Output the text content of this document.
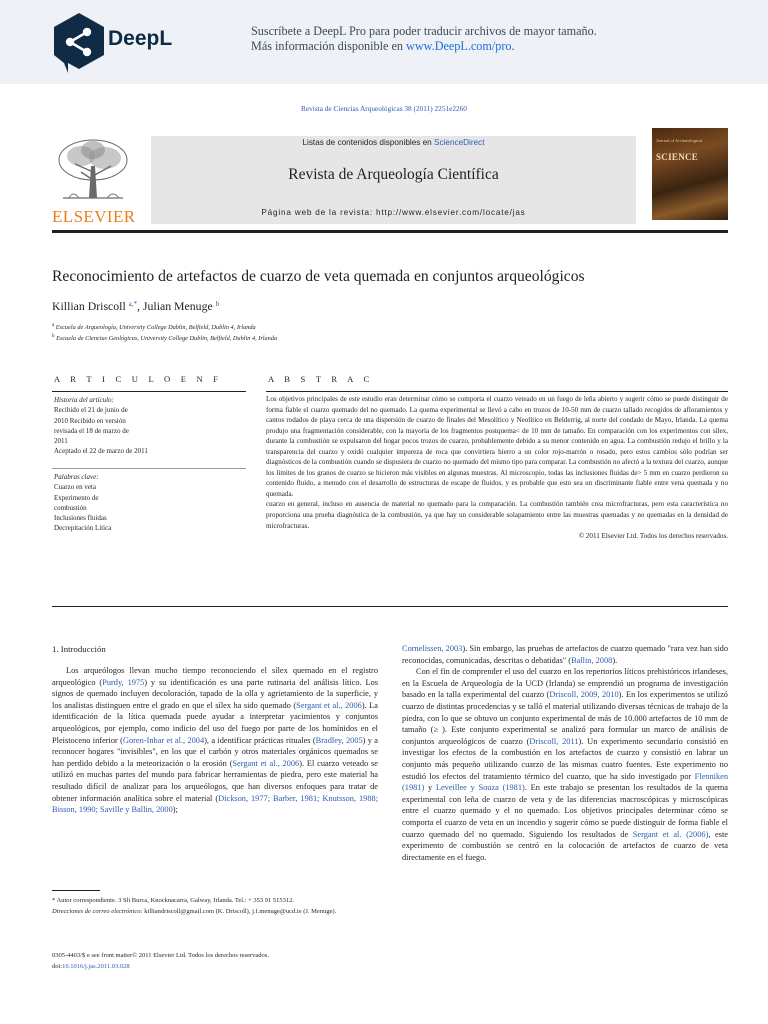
DeepL	Suscríbete a DeepL Pro para poder traducir archivos de mayor tamaño.
Más información disponible en www.DeepL.com/pro.
Revista de Ciencias Arqueológicas 38 (2011) 2251e2260
ELSEVIER
Listas de contenidos disponibles en ScienceDirect
Revista de Arqueología Científica
Página web de la revista: http://www.elsevier.com/locate/jas
Journal of Archaeological
SCIENCE
Reconocimiento de artefactos de cuarzo de veta quemada en conjuntos arqueológicos
Killian Driscoll $^{a,*}$, Julian Menuge $^b$
$^a$ Escuela de Arqueología, University College Dublin, Belfield, Dublin 4, Irlanda
$^b$ Escuela de Ciencias Geológicas, University College Dublin, Belfield, Dublin 4, Irlanda
A R T I C U L O E N F
Historia del artículo:
Recibido el 21 de junio de
2010 Recibido en versión
revisada el 18 de marzo de
2011
Aceptado el 22 de marzo de 2011
Palabras clave:
Cuarzo en veta
Experimento de
combustión
Inclusiones fluidas
Decrepitación Lítica
A B S T R A C

Los objetivos principales de este estudio eran determinar cómo se comporta el cuarzo veteado en un fuego de leña abierto y sugerir cómo se puede distinguir de forma fiable el cuarzo quemado del no quemado. La quema experimental se llevó a cabo en trozos de 10-50 mm de cuarzo tallado recogidos de afloramientos y cantos rodados de playa cerca de una dispersión de cuarzo de finales del Mesolítico y Neolítico en Belderrig, al norte del condado de Mayo, Irlanda. La quema produjo una fragmentación considerable, con la mayoría de los fragmentos postquema< de 10 mm de tamaño. En comparación con los experimentos con sílex, durante la combustión se expulsaron del hogar pocos trozos de cuarzo, probablemente debido a su menor contenido en agua. La combustión redujo el brillo y la transparencia del cuarzo y oxidó cualquier impureza de roca que convirtiera hierro a un color rojo-marrón o rosado, pero estos cambios sólo podrían ser diagnósticos de la combustión cuando se dispusiera de cuarzo no quemado del mismo tipo para comparar. La combustión no afectó a la textura del cuarzo, aunque los límites de los granos de cuarzo se hicieron más visibles en algunas muestras. Al microscopio, todas las inclusiones fluidas de> 5 mm en cuarzo perdieron su contenido fluido, a menudo con el desarrollo de estructuras de escape de fluidos, y es probable que esto sea un discriminante fiable entre vena quemada y no quemada.

cuarzo en general, incluso en ausencia de material no quemado para la comparación. La combustión también crea microfracturas, pero esta característica no proporciona una prueba diagnóstica de la combustión, ya que hay un considerable solapamiento entre las muestras quemadas y no quemadas en la densidad de microfracturas.

© 2011 Elsevier Ltd. Todos los derechos reservados.

1. Introducción

Los arqueólogos llevan mucho tiempo reconociendo el sílex quemado en el registro arqueológico (Purdy, 1975) y su identificación es una parte rutinaria del análisis lítico. Los signos de quemado incluyen decoloración, tapado de la olla y agrietamiento de la superficie, y los analistas distinguen entre el grado en que el sílex ha sido quemado (Sergant et al., 2006). La identificación de la lítica quemada puede ayudar a interpretar yacimientos y conjuntos arqueológicos, por ejemplo, como indicio del uso del fuego por parte de los homínidos en el Pleistoceno inferior (Goren-Inbar et al., 2004), a identificar prácticas rituales (Bradley, 2005) y a reconocer hogares "invisibles", en los que el carbón y otros materiales orgánicos quemados se han perdido debido a la meteorización o la erosión (Sergant et al., 2006). El cuarzo veteado se utilizó en muchas partes del mundo para fabricar herramientas de piedra, pero este material ha resultado difícil de analizar para los arqueólogos, que han diversos enfoques para tratar de obtener información analítica sobre el material (Dickson, 1977; Barber, 1981; Knutsson, 1988; Bisson, 1990; Saville y Ballin, 2000);

Cornelissen, 2003). Sin embargo, las pruebas de artefactos de cuarzo quemado "rara vez han sido reconocidas, comunicadas, descritas o debatidas" (Ballin, 2008).

Con el fin de comprender el uso del cuarzo en los repertorios líticos prehistóricos irlandeses, en la Escuela de Arqueología de la UCD (Irlanda) se emprendió un programa de investigación basado en la talla experimental del cuarzo (Driscoll, 2009, 2010). En los experimentos se utilizó cuarzo de distintas procedencias y se talló el material utilizando diversas técnicas de trabajo de la piedra, con lo que se obtuvo un conjunto experimental de más de 10.000 artefactos de 10 mm de tamaño (≥ ). Este conjunto experimental se analizó para formular un marco de análisis de conjuntos arqueológicos de cuarzo (Driscoll, 2011). Un experimento secundario consistió en investigar los efectos de la combustión en los artefactos de cuarzo y consistió en labrar un conjunto más pequeño utilizando cuarzo de las mismas cuatro fuentes. Este experimento no estudió los efectos del tratamiento térmico del cuarzo, que ha sido investigado por Flenniken (1981) y Leveillee y Souza (1981). En este trabajo se presentan los resultados de la quema experimental con leña de cuarzo de veta y de las diferencias macroscópicas y microscópicas entre el cuarzo quemado y el no quemado. Los objetivos principales determinar cómo se comporta el cuarzo de veta en un incendio y sugerir cómo se puede distinguir de forma fiable el cuarzo quemado del no quemado. Siguiendo los resultados de Sergant et al. (2006), este experimento de combustión se centró en la colocación de artefactos de cuarzo de veta directamente en el fuego.

* Autor correspondiente. 3 Sli Burca, Knocknacarra, Galway, Irlanda. Tel.: + 353 91 515312.
Direcciones de correo electrónico: killiandriscoll@gmail.com (K. Driscoll), j.f.menuge@ucd.ie (J. Menuge).
0305-4403/$ e see front matter© 2011 Elsevier Ltd. Todos los derechos reservados.
doi:10.1016/j.jas.2011.03.028
